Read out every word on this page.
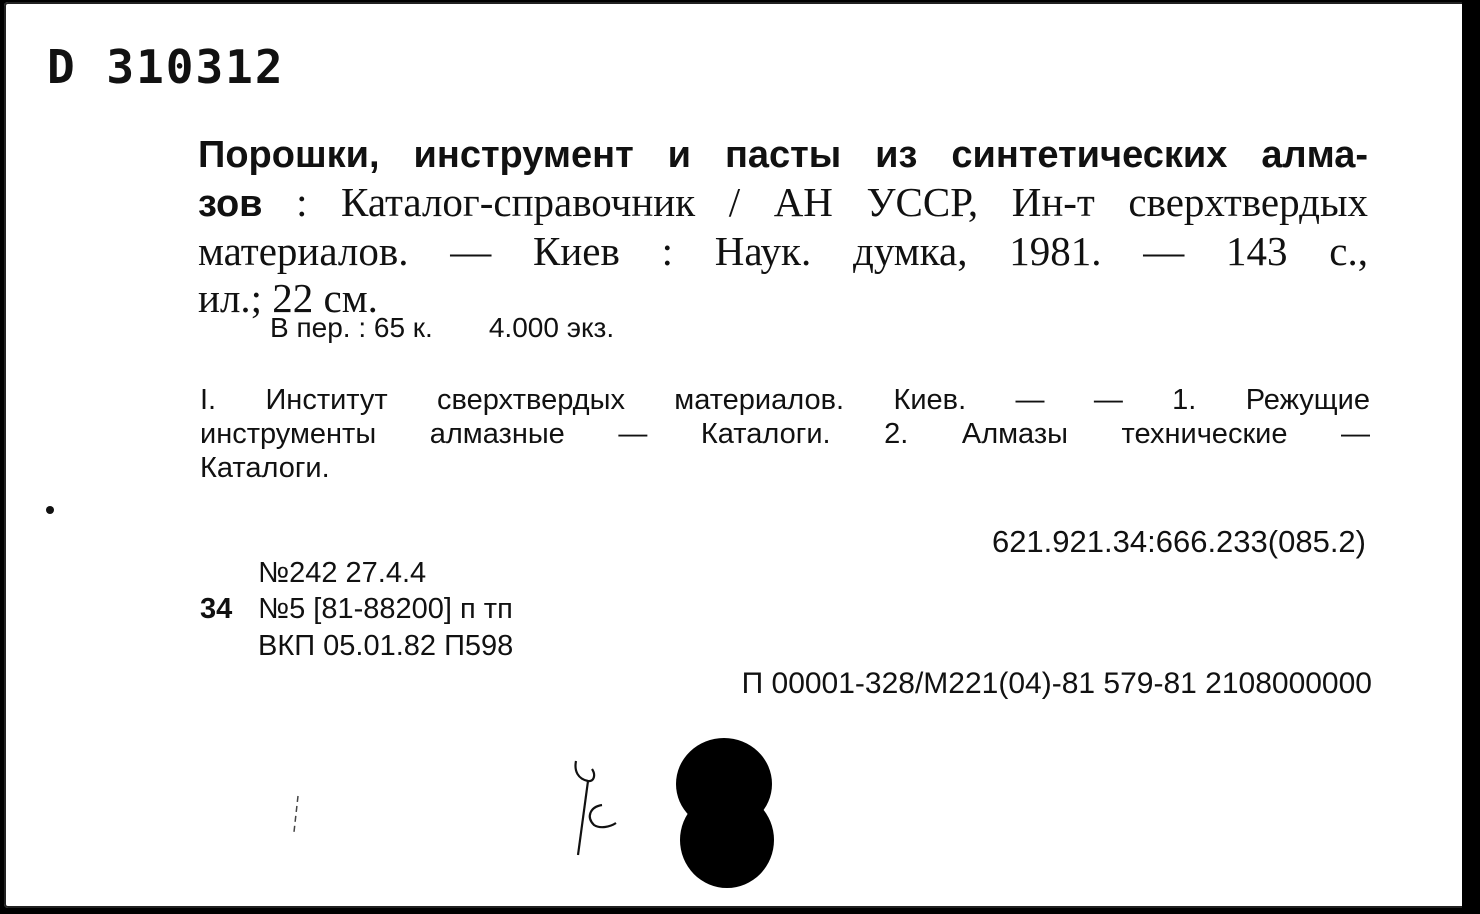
D 310312
Порошки, инструмент и пасты из синтетических алма-
зов : Каталог-справочник / АН УССР, Ин-т сверхтвердых
материалов. — Киев : Наук. думка, 1981. — 143 с.,
ил.; 22 см.
В пер. : 65 к. 4.000 экз.
I. Институт сверхтвердых материалов. Киев. — — 1. Режущие
инструменты алмазные — Каталоги. 2. Алмазы технические —
Каталоги.
621.921.34:666.233(085.2)
№242 27.4.4
34 №5 [81-88200] п тп
ВКП 05.01.82 П598
П 00001-328/М221(04)-81 579-81 2108000000
